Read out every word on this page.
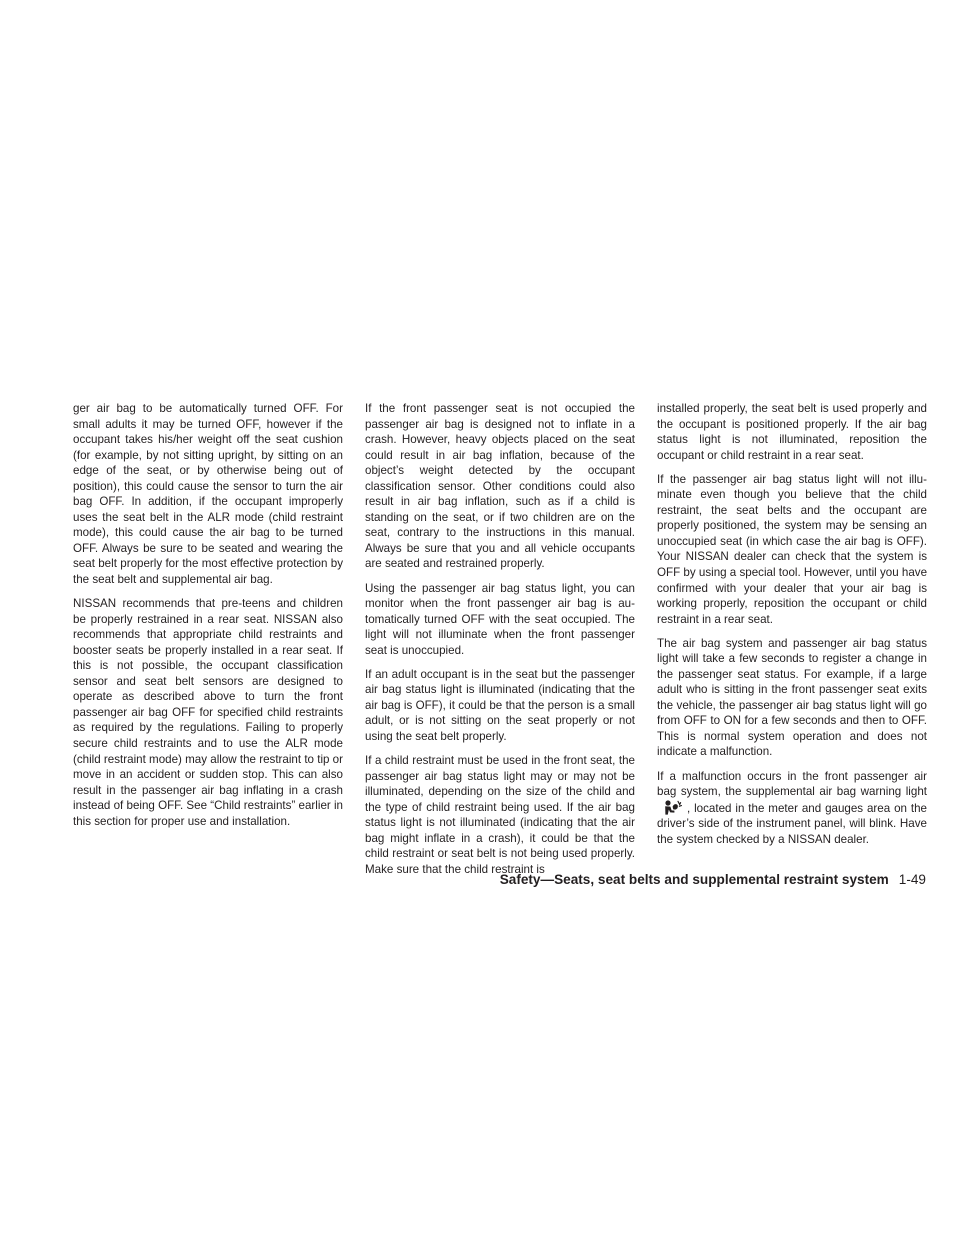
ger air bag to be automatically turned OFF. For small adults it may be turned OFF, however if the occupant takes his/her weight off the seat cushion (for example, by not sitting upright, by sitting on an edge of the seat, or by otherwise being out of position), this could cause the sensor to turn the air bag OFF. In addition, if the occupant improperly uses the seat belt in the ALR mode (child restraint mode), this could cause the air bag to be turned OFF. Always be sure to be seated and wearing the seat belt properly for the most effective protection by the seat belt and supplemental air bag.

NISSAN recommends that pre-teens and children be properly restrained in a rear seat. NISSAN also recommends that appropriate child restraints and booster seats be properly installed in a rear seat. If this is not possible, the occupant classification sensor and seat belt sensors are designed to operate as described above to turn the front passenger air bag OFF for specified child restraints as required by the regulations. Failing to properly secure child restraints and to use the ALR mode (child restraint mode) may allow the restraint to tip or move in an accident or sudden stop. This can also result in the passenger air bag inflating in a crash instead of being OFF. See “Child restraints” earlier in this section for proper use and installation.

If the front passenger seat is not occupied the passenger air bag is designed not to inflate in a crash. However, heavy objects placed on the seat could result in air bag inflation, because of the object’s weight detected by the occupant classification sensor. Other conditions could also result in air bag inflation, such as if a child is standing on the seat, or if two children are on the seat, contrary to the instructions in this manual. Always be sure that you and all vehicle occupants are seated and restrained properly.

Using the passenger air bag status light, you can monitor when the front passenger air bag is automatically turned OFF with the seat occupied. The light will not illuminate when the front passenger seat is unoccupied.

If an adult occupant is in the seat but the passenger air bag status light is illuminated (indicating that the air bag is OFF), it could be that the person is a small adult, or is not sitting on the seat properly or not using the seat belt properly.

If a child restraint must be used in the front seat, the passenger air bag status light may or may not be illuminated, depending on the size of the child and the type of child restraint being used. If the air bag status light is not illuminated (indicating that the air bag might inflate in a crash), it could be that the child restraint or seat belt is not being used properly. Make sure that the child restraint is

installed properly, the seat belt is used properly and the occupant is positioned properly. If the air bag status light is not illuminated, reposition the occupant or child restraint in a rear seat.

If the passenger air bag status light will not illuminate even though you believe that the child restraint, the seat belts and the occupant are properly positioned, the system may be sensing an unoccupied seat (in which case the air bag is OFF). Your NISSAN dealer can check that the system is OFF by using a special tool. However, until you have confirmed with your dealer that your air bag is working properly, reposition the occupant or child restraint in a rear seat.

The air bag system and passenger air bag status light will take a few seconds to register a change in the passenger seat status. For example, if a large adult who is sitting in the front passenger seat exits the vehicle, the passenger air bag status light will go from OFF to ON for a few seconds and then to OFF. This is normal system operation and does not indicate a malfunction.

If a malfunction occurs in the front passenger air bag system, the supplemental air bag warning light
, located in the meter and gauges area on the driver’s side of the instrument panel, will blink. Have the system checked by a NISSAN dealer.

Safety—Seats, seat belts and supplemental restraint system 1-49
